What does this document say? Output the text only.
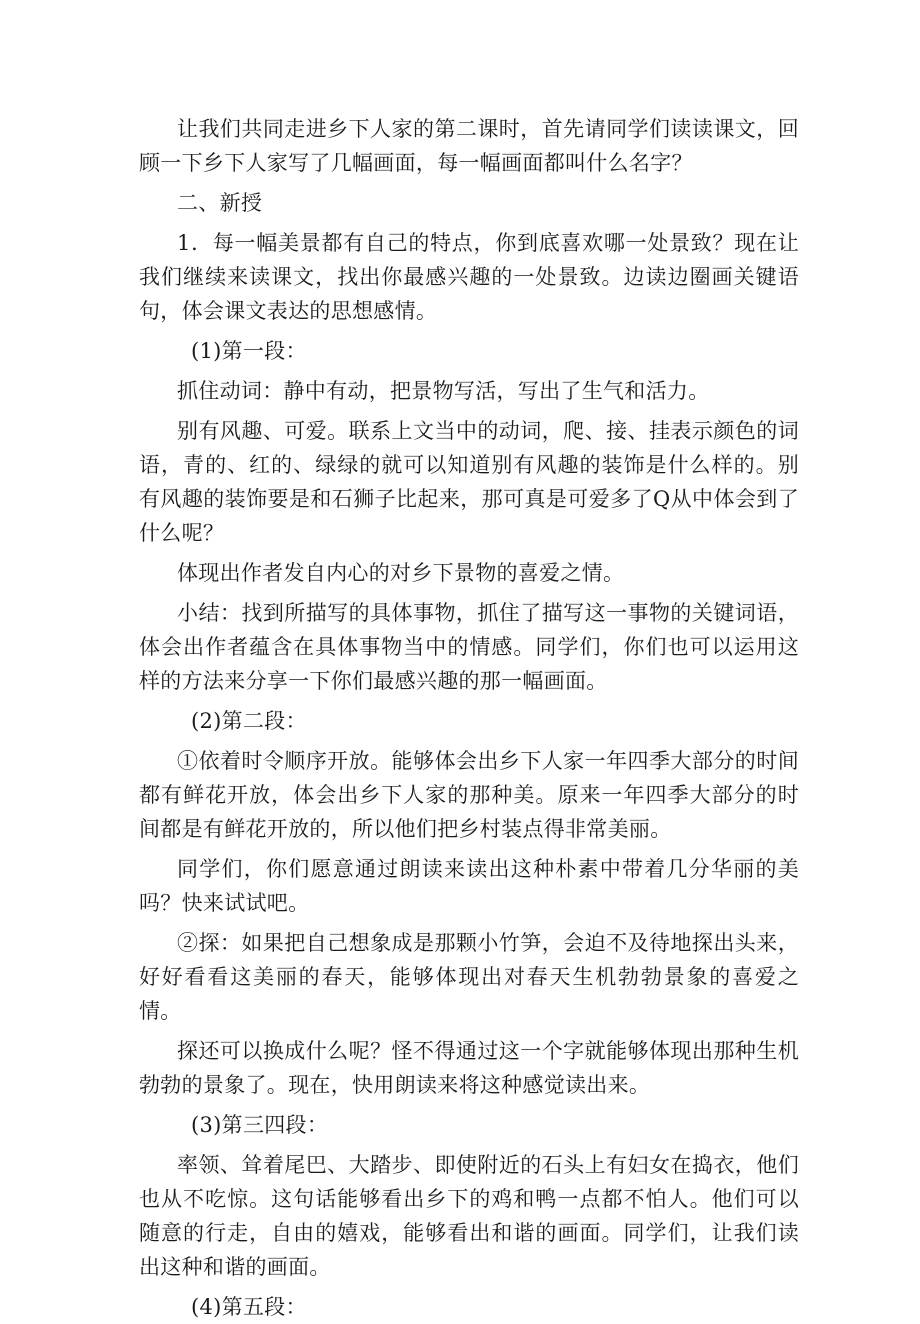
让我们共同走进乡下人家的第二课时，首先请同学们读读课文，回顾一下乡下人家写了几幅画面，每一幅画面都叫什么名字？

二、新授

1．每一幅美景都有自己的特点，你到底喜欢哪一处景致？现在让我们继续来读课文，找出你最感兴趣的一处景致。边读边圈画关键语句，体会课文表达的思想感情。

(1)第一段：

抓住动词：静中有动，把景物写活，写出了生气和活力。

别有风趣、可爱。联系上文当中的动词，爬、接、挂表示颜色的词语，青的、红的、绿绿的就可以知道别有风趣的装饰是什么样的。别有风趣的装饰要是和石狮子比起来，那可真是可爱多了Q从中体会到了什么呢？

体现出作者发自内心的对乡下景物的喜爱之情。

小结：找到所描写的具体事物，抓住了描写这一事物的关键词语，体会出作者蕴含在具体事物当中的情感。同学们，你们也可以运用这样的方法来分享一下你们最感兴趣的那一幅画面。

(2)第二段：

①依着时令顺序开放。能够体会出乡下人家一年四季大部分的时间都有鲜花开放，体会出乡下人家的那种美。原来一年四季大部分的时间都是有鲜花开放的，所以他们把乡村装点得非常美丽。

同学们，你们愿意通过朗读来读出这种朴素中带着几分华丽的美吗？快来试试吧。

②探：如果把自己想象成是那颗小竹笋，会迫不及待地探出头来，好好看看这美丽的春天，能够体现出对春天生机勃勃景象的喜爱之情。

探还可以换成什么呢？怪不得通过这一个字就能够体现出那种生机勃勃的景象了。现在，快用朗读来将这种感觉读出来。

(3)第三四段：

率领、耸着尾巴、大踏步、即使附近的石头上有妇女在捣衣，他们也从不吃惊。这句话能够看出乡下的鸡和鸭一点都不怕人。他们可以随意的行走，自由的嬉戏，能够看出和谐的画面。同学们，让我们读出这种和谐的画面。

(4)第五段：
